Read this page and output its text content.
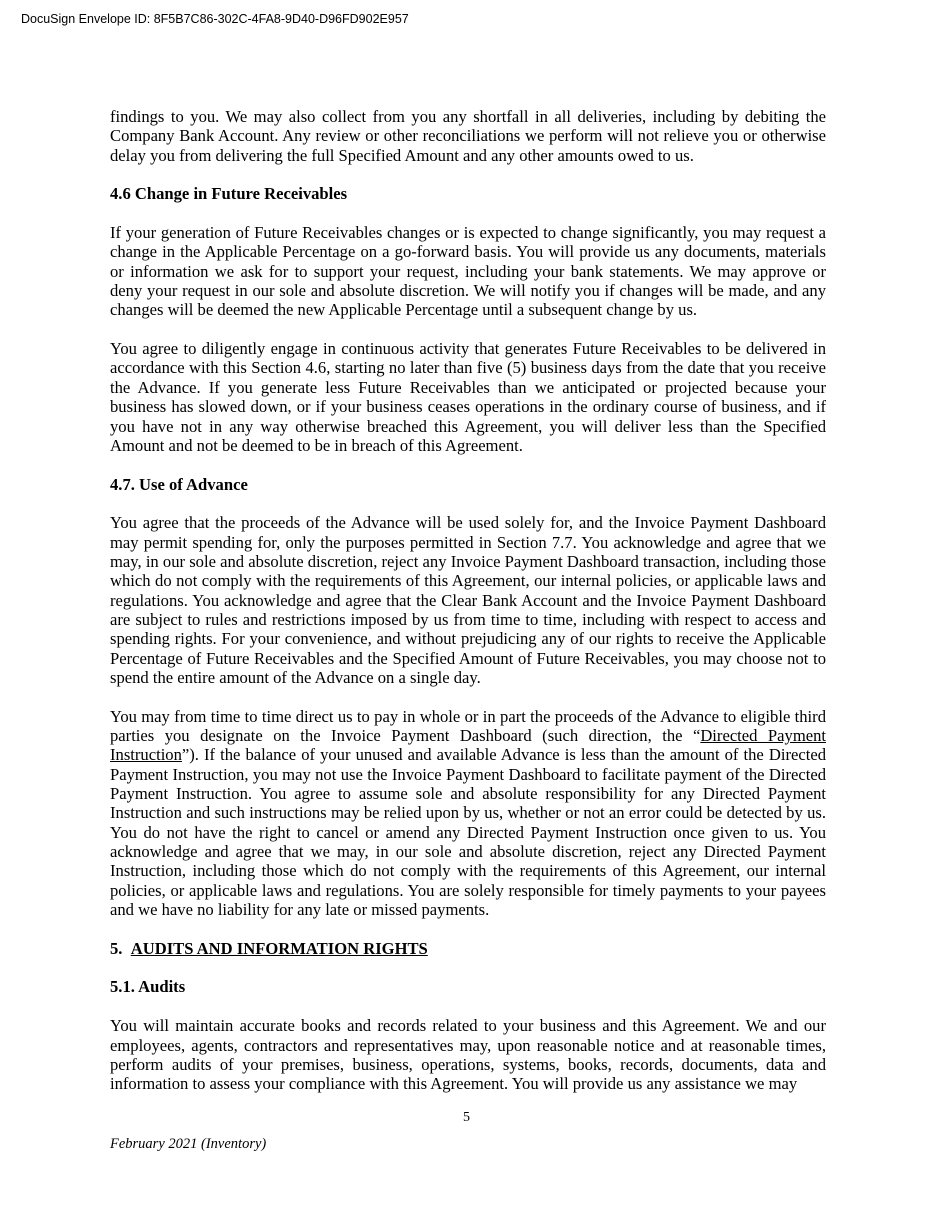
DocuSign Envelope ID: 8F5B7C86-302C-4FA8-9D40-D96FD902E957

findings to you. We may also collect from you any shortfall in all deliveries, including by debiting the Company Bank Account. Any review or other reconciliations we perform will not relieve you or otherwise delay you from delivering the full Specified Amount and any other amounts owed to us.

4.6 Change in Future Receivables

If your generation of Future Receivables changes or is expected to change significantly, you may request a change in the Applicable Percentage on a go-forward basis. You will provide us any documents, materials or information we ask for to support your request, including your bank statements. We may approve or deny your request in our sole and absolute discretion. We will notify you if changes will be made, and any changes will be deemed the new Applicable Percentage until a subsequent change by us.

You agree to diligently engage in continuous activity that generates Future Receivables to be delivered in accordance with this Section 4.6, starting no later than five (5) business days from the date that you receive the Advance. If you generate less Future Receivables than we anticipated or projected because your business has slowed down, or if your business ceases operations in the ordinary course of business, and if you have not in any way otherwise breached this Agreement, you will deliver less than the Specified Amount and not be deemed to be in breach of this Agreement.

4.7. Use of Advance

You agree that the proceeds of the Advance will be used solely for, and the Invoice Payment Dashboard may permit spending for, only the purposes permitted in Section 7.7. You acknowledge and agree that we may, in our sole and absolute discretion, reject any Invoice Payment Dashboard transaction, including those which do not comply with the requirements of this Agreement, our internal policies, or applicable laws and regulations. You acknowledge and agree that the Clear Bank Account and the Invoice Payment Dashboard are subject to rules and restrictions imposed by us from time to time, including with respect to access and spending rights. For your convenience, and without prejudicing any of our rights to receive the Applicable Percentage of Future Receivables and the Specified Amount of Future Receivables, you may choose not to spend the entire amount of the Advance on a single day.

You may from time to time direct us to pay in whole or in part the proceeds of the Advance to eligible third parties you designate on the Invoice Payment Dashboard (such direction, the “Directed Payment Instruction”). If the balance of your unused and available Advance is less than the amount of the Directed Payment Instruction, you may not use the Invoice Payment Dashboard to facilitate payment of the Directed Payment Instruction. You agree to assume sole and absolute responsibility for any Directed Payment Instruction and such instructions may be relied upon by us, whether or not an error could be detected by us. You do not have the right to cancel or amend any Directed Payment Instruction once given to us. You acknowledge and agree that we may, in our sole and absolute discretion, reject any Directed Payment Instruction, including those which do not comply with the requirements of this Agreement, our internal policies, or applicable laws and regulations. You are solely responsible for timely payments to your payees and we have no liability for any late or missed payments.

5.  AUDITS AND INFORMATION RIGHTS
5.1. Audits

You will maintain accurate books and records related to your business and this Agreement. We and our employees, agents, contractors and representatives may, upon reasonable notice and at reasonable times, perform audits of your premises, business, operations, systems, books, records, documents, data and information to assess your compliance with this Agreement. You will provide us any assistance we may

5
February 2021 (Inventory)
